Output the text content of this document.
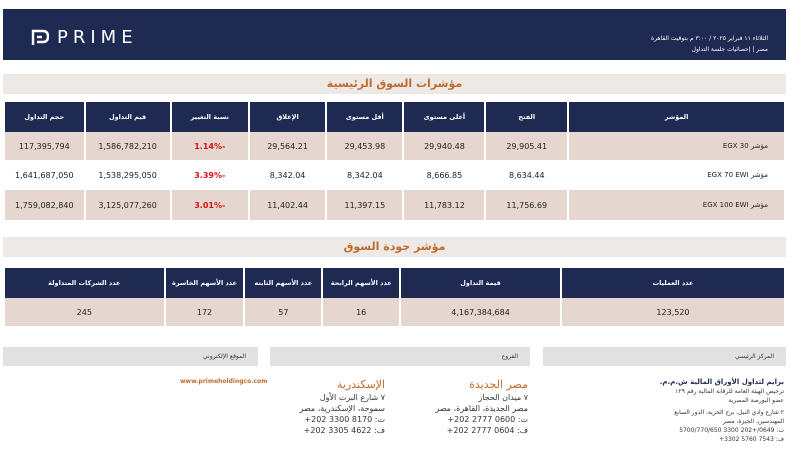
PRIME	الثلاثاء ١١ فبراير ٢٠٢٥ / ٣:٠٠ م بتوقيت القاهرة
مصر | إحصائيات جلسة التداول
مؤشرات السوق الرئيسية
المؤشر	الفتح	أعلى مستوى	أقل مستوى	الإغلاق	نسبة التغيير	قيم التداول	حجم التداول
مؤشر EGX 30	29,905.41	29,940.48	29,453.98	29,564.21	-1.14%	1,586,782,210	117,395,794
مؤشر EGX 70 EWI	8,634.44	8,666.85	8,342.04	8,342.04	-3.39%	1,538,295,050	1,641,687,050
مؤشر EGX 100 EWI	11,756.69	11,783.12	11,397.15	11,402.44	-3.01%	3,125,077,260	1,759,082,840
مؤشر جودة السوق
عدد العمليات	قيمة التداول	عدد الأسهم الرابحة	عدد الأسهم الثابته	عدد الأسهم الخاسرة	عدد الشركات المتداولة
123,520	4,167,384,684	16	57	172	245
المركز الرئيسي
الفروع
الموقع الإلكتروني
برايم لتداول الأوراق المالية ش.م.م.
ترخيص الهيئة العامة للرقابة المالية رقم ١٢٩
عضو البورصة المصرية
٢ شارع وادي النيل، برج الحرية، الدور السابع
المهندسين، الجيزة، مصر
ت: 0649/+202 3300 5700/770/650
ف: 7543 5760 3302+
مصر الجديدة
٧ ميدان الحجاز
مصر الجديدة، القاهرة، مصر
ت: 0600 2777 202+
ف: 0604 2777 202+
الإسكندرية
٧ شارع البرت الأول
سموحة، الإسكندرية، مصر
ت: 8170 3300 202+
ف: 4622 3305 202+
www.primeholdingco.com
